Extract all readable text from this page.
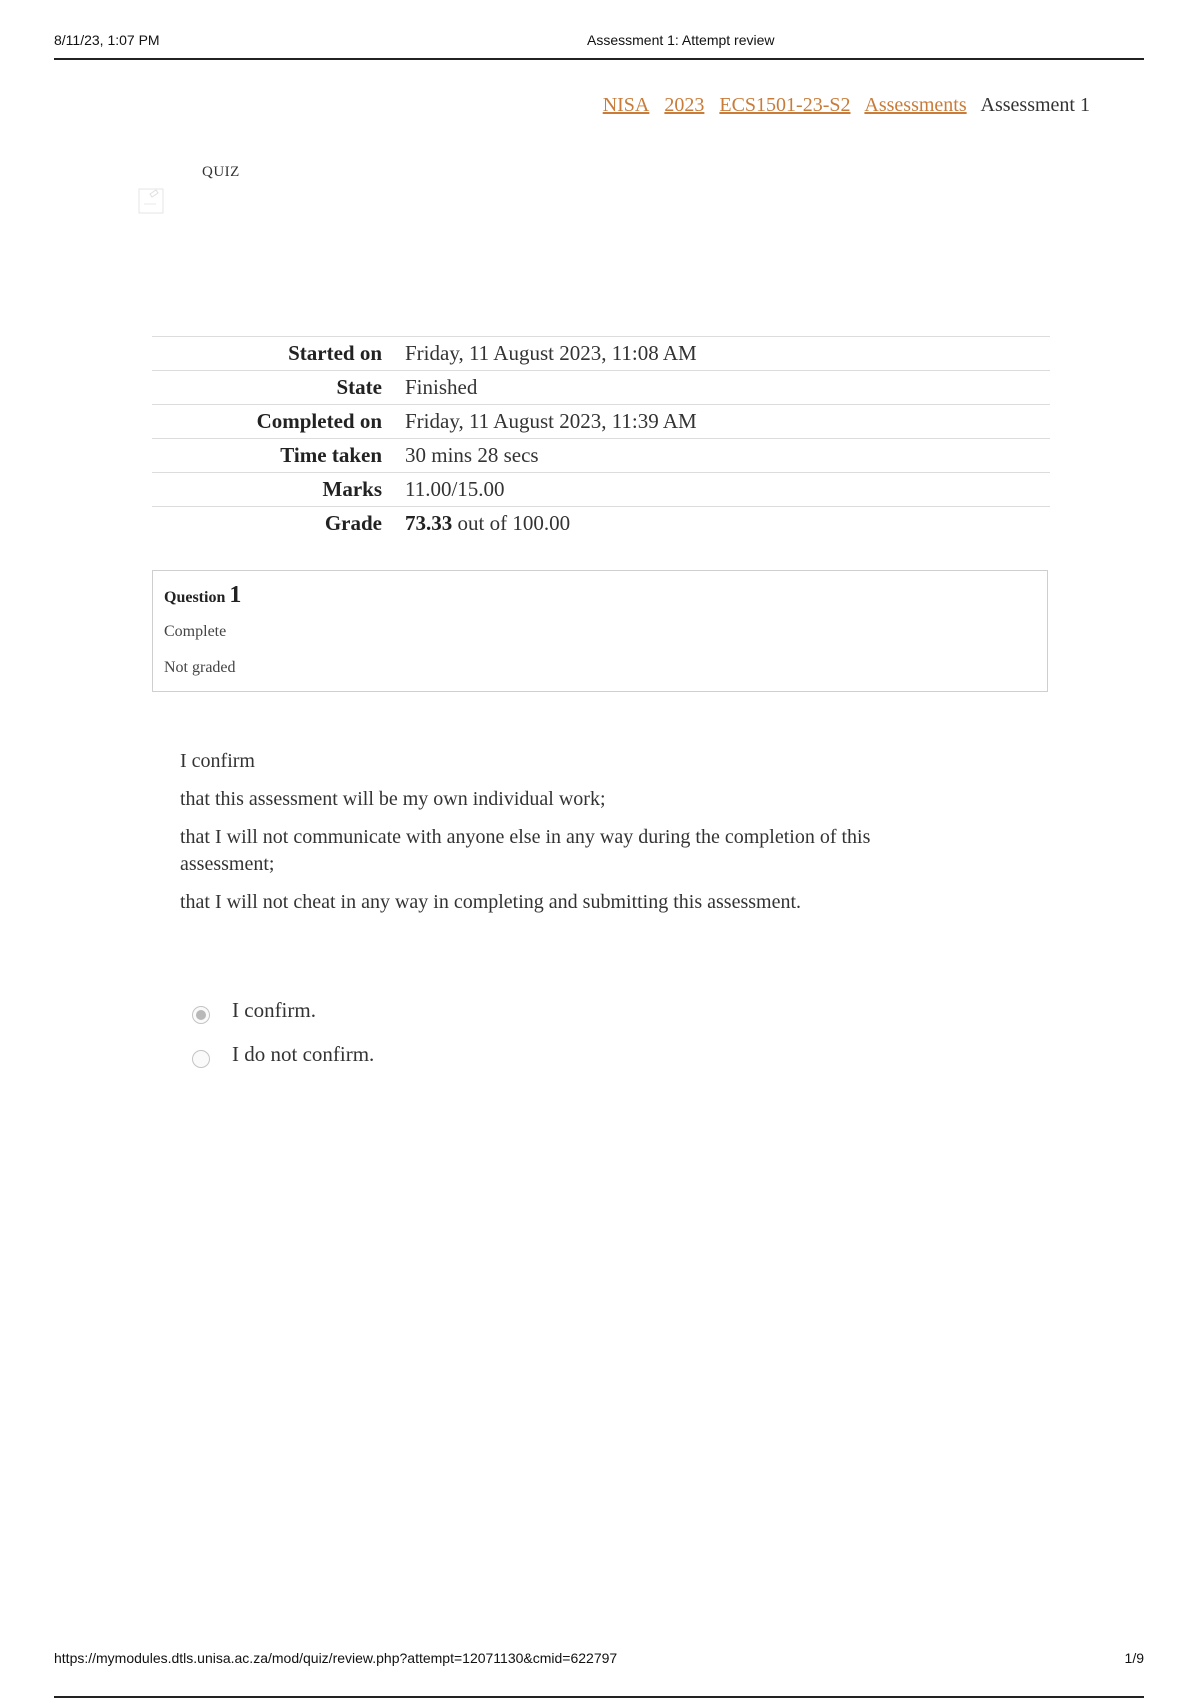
8/11/23, 1:07 PM	Assessment 1: Attempt review
NISA 2023 ECS1501-23-S2 Assessments Assessment 1
QUIZ
Started on	Friday, 11 August 2023, 11:08 AM
State	Finished
Completed on	Friday, 11 August 2023, 11:39 AM
Time taken	30 mins 28 secs
Marks	11.00/15.00
Grade	73.33 out of 100.00
Question 1
Complete
Not graded

I confirm

that this assessment will be my own individual work;

that I will not communicate with anyone else in any way during the completion of this assessment;

that I will not cheat in any way in completing and submitting this assessment.

I confirm.
I do not confirm.
https://mymodules.dtls.unisa.ac.za/mod/quiz/review.php?attempt=12071130&cmid=622797	1/9
